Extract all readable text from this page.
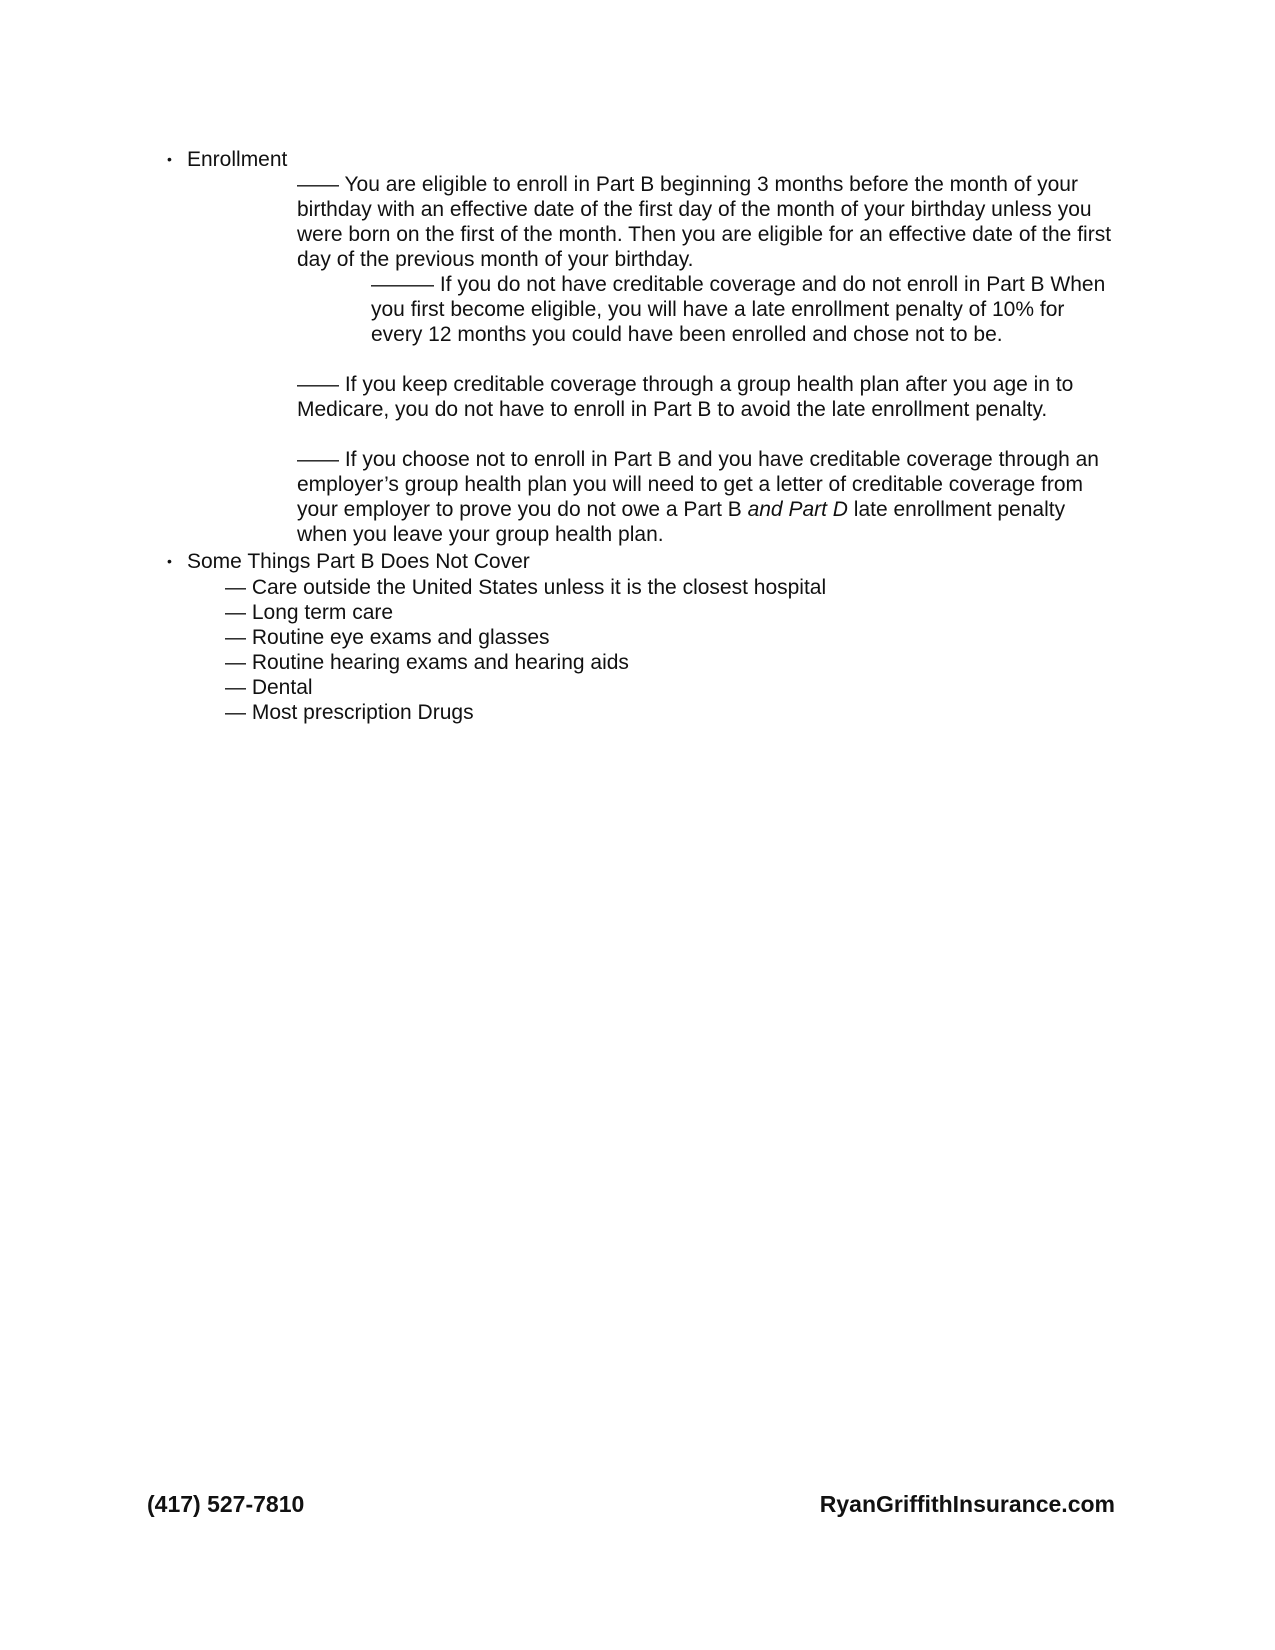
• Enrollment
—— You are eligible to enroll in Part B beginning 3 months before the month of your birthday with an effective date of the first day of the month of your birthday unless you were born on the first of the month. Then you are eligible for an effective date of the first day of the previous month of your birthday.
——— If you do not have creditable coverage and do not enroll in Part B When you first become eligible, you will have a late enrollment penalty of 10% for every 12 months you could have been enrolled and chose not to be.
—— If you keep creditable coverage through a group health plan after you age in to Medicare, you do not have to enroll in Part B to avoid the late enrollment penalty.
—— If you choose not to enroll in Part B and you have creditable coverage through an employer’s group health plan you will need to get a letter of creditable coverage from your employer to prove you do not owe a Part B and Part D late enrollment penalty when you leave your group health plan.
• Some Things Part B Does Not Cover
— Care outside the United States unless it is the closest hospital
— Long term care
— Routine eye exams and glasses
— Routine hearing exams and hearing aids
— Dental
— Most prescription Drugs
(417) 527-7810	RyanGriffithInsurance.com
